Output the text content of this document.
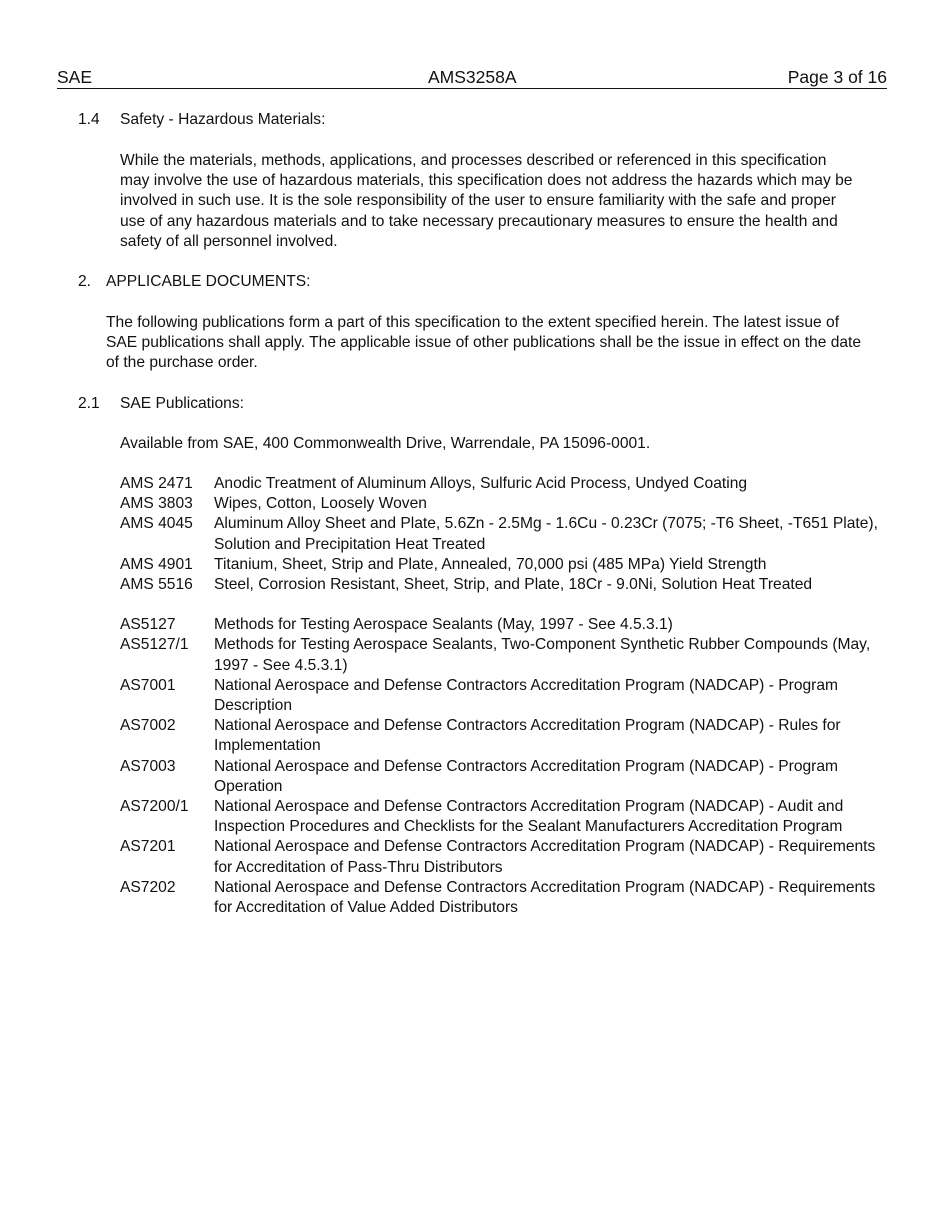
SAE	AMS3258A	Page 3 of 16
1.4 Safety - Hazardous Materials:

While the materials, methods, applications, and processes described or referenced in this specification may involve the use of hazardous materials, this specification does not address the hazards which may be involved in such use. It is the sole responsibility of the user to ensure familiarity with the safe and proper use of any hazardous materials and to take necessary precautionary measures to ensure the health and safety of all personnel involved.

2. APPLICABLE DOCUMENTS:

The following publications form a part of this specification to the extent specified herein. The latest issue of SAE publications shall apply. The applicable issue of other publications shall be the issue in effect on the date of the purchase order.

2.1 SAE Publications:

Available from SAE, 400 Commonwealth Drive, Warrendale, PA 15096-0001.

AMS 2471	Anodic Treatment of Aluminum Alloys, Sulfuric Acid Process, Undyed Coating
AMS 3803	Wipes, Cotton, Loosely Woven
AMS 4045	Aluminum Alloy Sheet and Plate, 5.6Zn - 2.5Mg - 1.6Cu - 0.23Cr (7075; -T6 Sheet, -T651 Plate), Solution and Precipitation Heat Treated
AMS 4901	Titanium, Sheet, Strip and Plate, Annealed, 70,000 psi (485 MPa) Yield Strength
AMS 5516	Steel, Corrosion Resistant, Sheet, Strip, and Plate, 18Cr - 9.0Ni, Solution Heat Treated
AS5127	Methods for Testing Aerospace Sealants (May, 1997 - See 4.5.3.1)
AS5127/1	Methods for Testing Aerospace Sealants, Two-Component Synthetic Rubber Compounds (May, 1997 - See 4.5.3.1)
AS7001	National Aerospace and Defense Contractors Accreditation Program (NADCAP) - Program Description
AS7002	National Aerospace and Defense Contractors Accreditation Program (NADCAP) - Rules for Implementation
AS7003	National Aerospace and Defense Contractors Accreditation Program (NADCAP) - Program Operation
AS7200/1	National Aerospace and Defense Contractors Accreditation Program (NADCAP) - Audit and Inspection Procedures and Checklists for the Sealant Manufacturers Accreditation Program
AS7201	National Aerospace and Defense Contractors Accreditation Program (NADCAP) - Requirements for Accreditation of Pass-Thru Distributors
AS7202	National Aerospace and Defense Contractors Accreditation Program (NADCAP) - Requirements for Accreditation of Value Added Distributors
